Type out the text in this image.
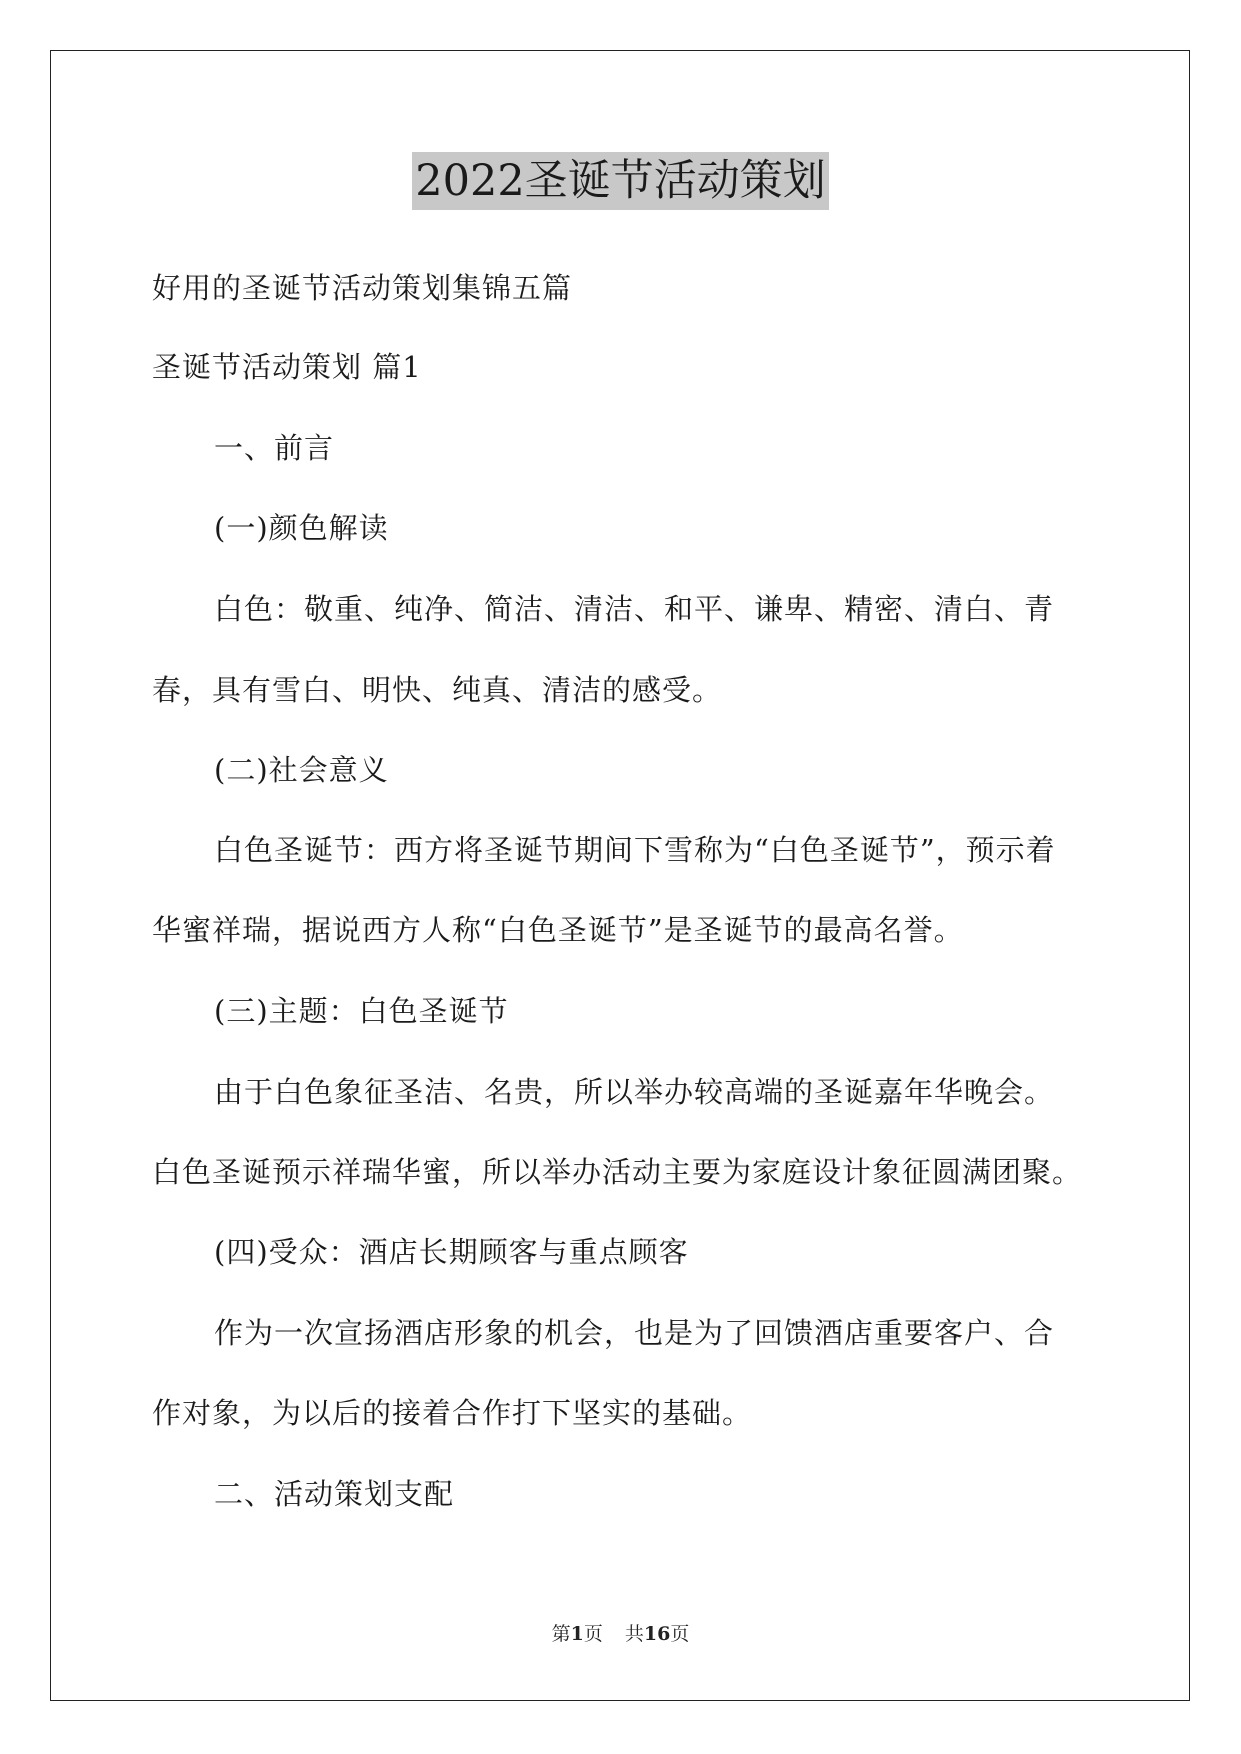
2022圣诞节活动策划
好用的圣诞节活动策划集锦五篇
圣诞节活动策划 篇1
一、前言
(一)颜色解读
白色：敬重、纯净、简洁、清洁、和平、谦卑、精密、清白、青
春，具有雪白、明快、纯真、清洁的感受。
(二)社会意义
白色圣诞节：西方将圣诞节期间下雪称为“白色圣诞节”，预示着
华蜜祥瑞，据说西方人称“白色圣诞节”是圣诞节的最高名誉。
(三)主题：白色圣诞节
由于白色象征圣洁、名贵，所以举办较高端的圣诞嘉年华晚会。
白色圣诞预示祥瑞华蜜，所以举办活动主要为家庭设计象征圆满团聚。
(四)受众：酒店长期顾客与重点顾客
作为一次宣扬酒店形象的机会，也是为了回馈酒店重要客户、合
作对象，为以后的接着合作打下坚实的基础。
二、活动策划支配
第1页 共16页
